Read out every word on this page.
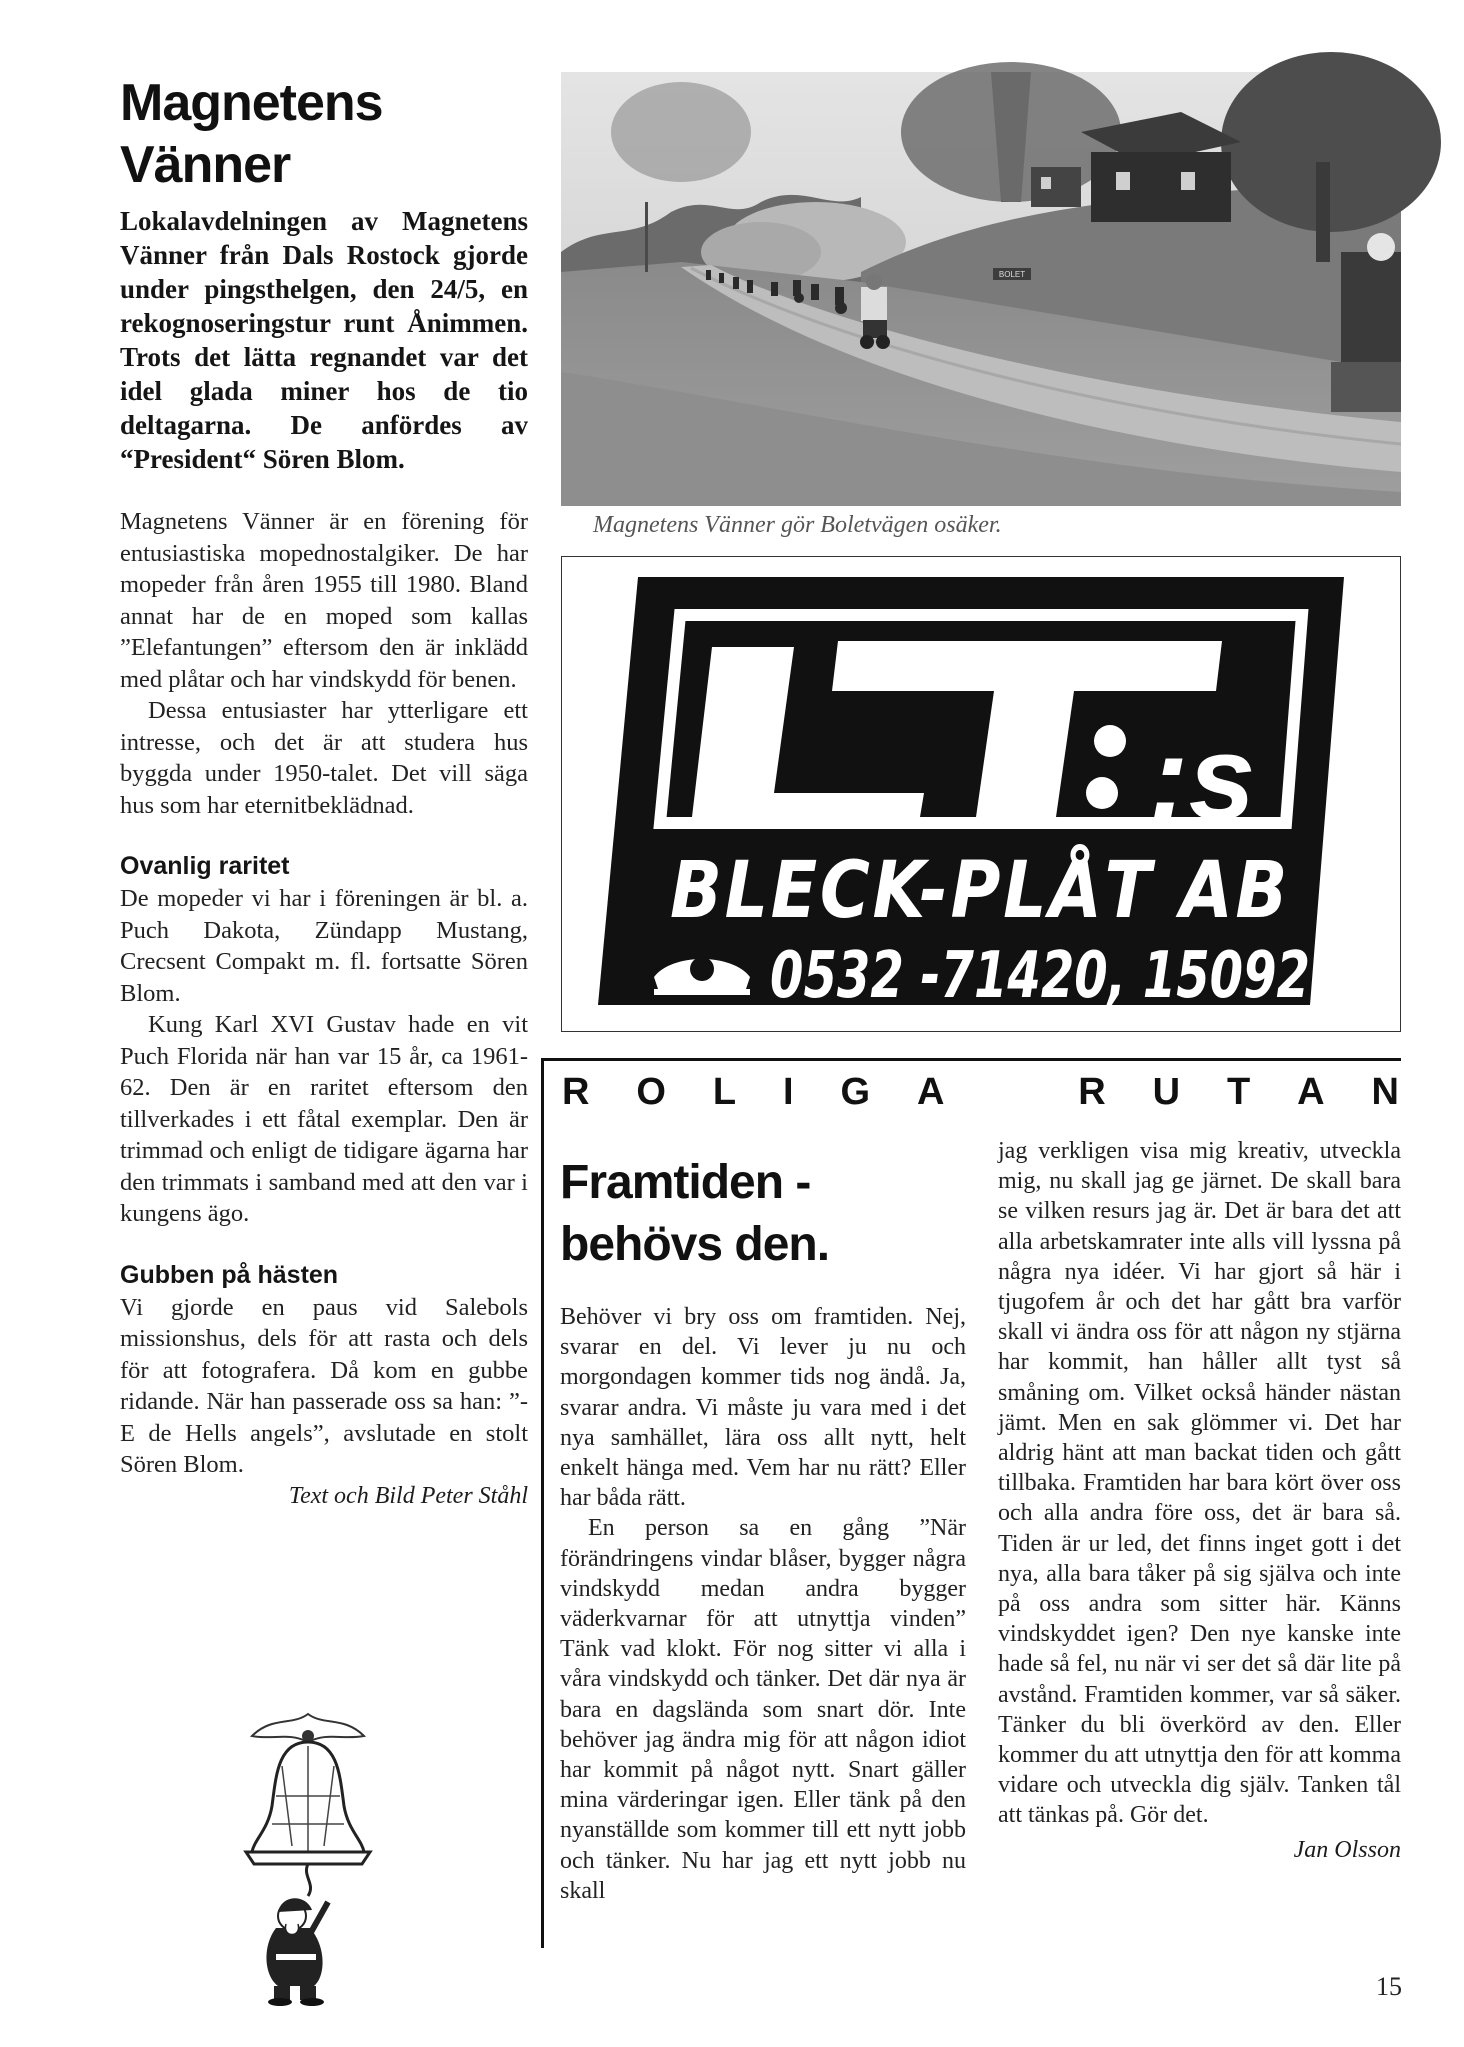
Magnetens
Vänner

Lokalavdelningen av Magnetens Vänner från Dals Rostock gjorde under pingsthelgen, den 24/5, en rekognoseringstur runt Ånimmen. Trots det lätta regnandet var det idel glada miner hos de tio deltagarna. De anfördes av “President“ Sören Blom.

Magnetens Vänner är en förening för entusiastiska mopednostalgiker. De har mopeder från åren 1955 till 1980. Bland annat har de en moped som kallas ”Elefantungen” eftersom den är inklädd med plåtar och har vindskydd för benen.

Dessa entusiaster har ytterligare ett intresse, och det är att studera hus byggda under 1950-talet. Det vill säga hus som har eternitbeklädnad.

Ovanlig raritet

De mopeder vi har i föreningen är bl. a. Puch Dakota, Zündapp Mustang, Crecsent Compakt m. fl. fortsatte Sören Blom.

Kung Karl XVI Gustav hade en vit Puch Florida när han var 15 år, ca 1961-62. Den är en raritet eftersom den tillverkades i ett fåtal exemplar. Den är trimmad och enligt de tidigare ägarna har den trimmats i samband med att den var i kungens ägo.

Gubben på hästen

Vi gjorde en paus vid Salebols missionshus, dels för att rasta och dels för att fotografera. Då kom en gubbe ridande. När han passerade oss sa han: ”- E de Hells angels”, avslutade en stolt Sören Blom.

Text och Bild Peter Ståhl

BOLET
Magnetens Vänner gör Boletvägen osäker.
:s
BLECK-PLÅT AB
0532 -71420, 15092
R O L I G A	R U T A N
Framtiden -
behövs den.

Behöver vi bry oss om framtiden. Nej, svarar en del. Vi lever ju nu och morgondagen kommer tids nog ändå. Ja, svarar andra. Vi måste ju vara med i det nya samhället, lära oss allt nytt, helt enkelt hänga med. Vem har nu rätt? Eller har båda rätt.

En person sa en gång ”När förändringens vindar blåser, bygger några vindskydd medan andra bygger väderkvarnar för att utnyttja vinden” Tänk vad klokt. För nog sitter vi alla i våra vindskydd och tänker. Det där nya är bara en dagslända som snart dör. Inte behöver jag ändra mig för att någon idiot har kommit på något nytt. Snart gäller mina värderingar igen. Eller tänk på den nyanställde som kommer till ett nytt jobb och tänker. Nu har jag ett nytt jobb nu skall

jag verkligen visa mig kreativ, utveckla mig, nu skall jag ge järnet. De skall bara se vilken resurs jag är. Det är bara det att alla arbetskamrater inte alls vill lyssna på några nya idéer. Vi har gjort så här i tjugofem år och det har gått bra varför skall vi ändra oss för att någon ny stjärna har kommit, han håller allt tyst så småning om. Vilket också händer nästan jämt. Men en sak glömmer vi. Det har aldrig hänt att man backat tiden och gått tillbaka. Framtiden har bara kört över oss och alla andra före oss, det är bara så. Tiden är ur led, det finns inget gott i det nya, alla bara tåker på sig själva och inte på oss andra som sitter här. Känns vindskyddet igen? Den nye kanske inte hade så fel, nu när vi ser det så där lite på avstånd. Framtiden kommer, var så säker. Tänker du bli överkörd av den. Eller kommer du att utnyttja den för att komma vidare och utveckla dig själv. Tanken tål att tänkas på. Gör det.

Jan Olsson

15
